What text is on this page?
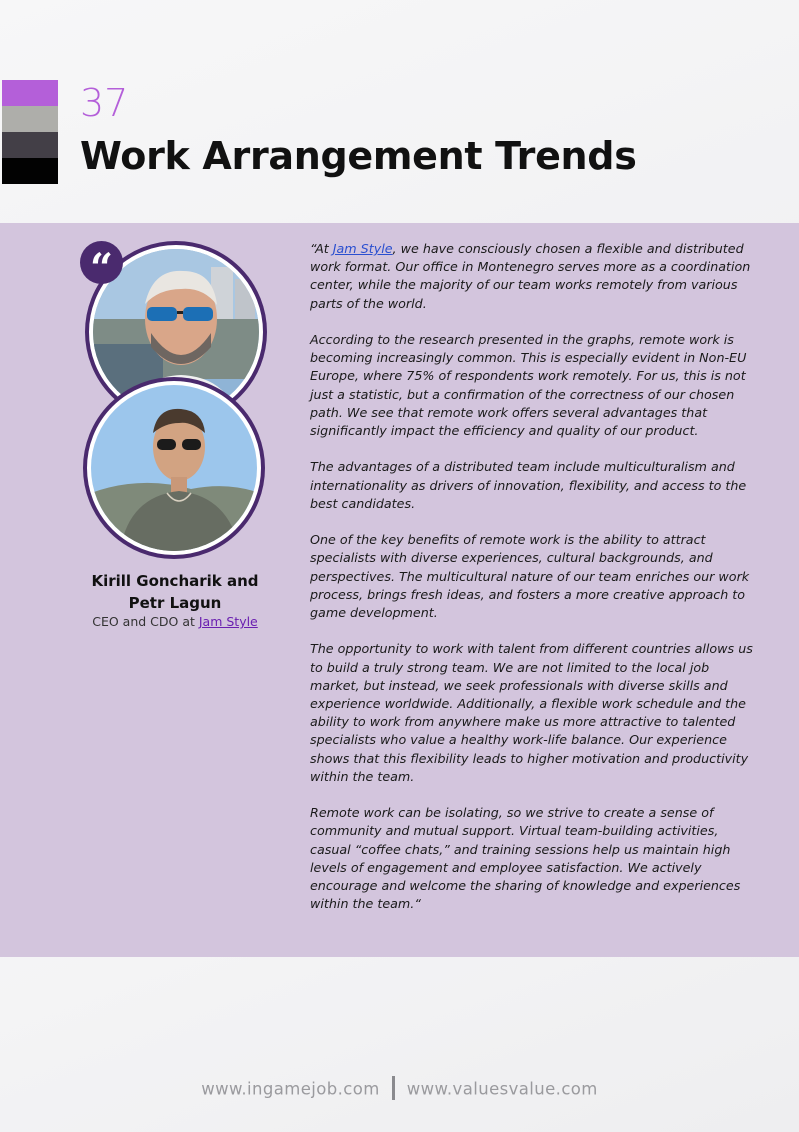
37
Work Arrangement Trends
“
Kirill Goncharik and
Petr Lagun
CEO and CDO at Jam Style

“At Jam Style, we have consciously chosen a flexible and distributed work format. Our office in Montenegro serves more as a coordination center, while the majority of our team works remotely from various parts of the world.

According to the research presented in the graphs, remote work is becoming increasingly common. This is especially evident in Non-EU Europe, where 75% of respondents work remotely. For us, this is not just a statistic, but a confirmation of the correctness of our chosen path. We see that remote work offers several advantages that significantly impact the efficiency and quality of our product.

The advantages of a distributed team include multiculturalism and internationality as drivers of innovation, flexibility, and access to the best candidates.

One of the key benefits of remote work is the ability to attract specialists with diverse experiences, cultural backgrounds, and perspectives. The multicultural nature of our team enriches our work process, brings fresh ideas, and fosters a more creative approach to game development.

The opportunity to work with talent from different countries allows us to build a truly strong team. We are not limited to the local job market, but instead, we seek professionals with diverse skills and experience worldwide. Additionally, a flexible work schedule and the ability to work from anywhere make us more attractive to talented specialists who value a healthy work-life balance. Our experience shows that this flexibility leads to higher motivation and productivity within the team.

Remote work can be isolating, so we strive to create a sense of community and mutual support. Virtual team-building activities, casual “coffee chats,” and training sessions help us maintain high levels of engagement and employee satisfaction. We actively encourage and welcome the sharing of knowledge and experiences within the team.“

www.ingamejob.com www.valuesvalue.com
